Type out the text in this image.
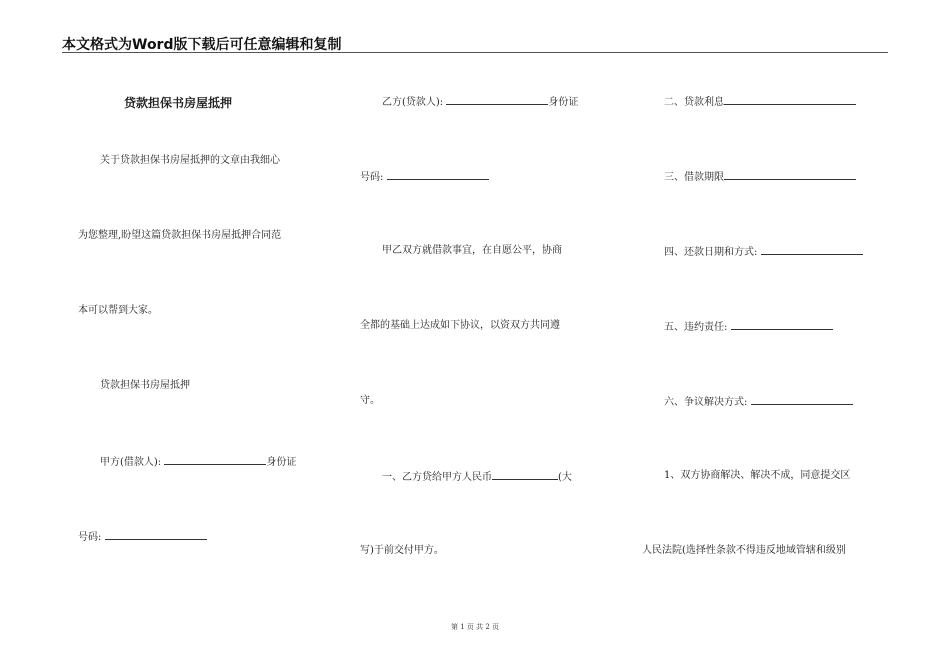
本文格式为Word版下载后可任意编辑和复制
贷款担保书房屋抵押
关于贷款担保书房屋抵押的文章由我细心
为您整理,盼望这篇贷款担保书房屋抵押合同范
本可以帮到大家。
贷款担保书房屋抵押
甲方(借款人):	身份证
号码:
乙方(贷款人):	身份证
号码:
甲乙双方就借款事宜，在自愿公平，协商
全都的基础上达成如下协议，以资双方共同遵
守。
一、乙方贷给甲方人民币	(大
写)于前交付甲方。
二、贷款利息
三、借款期限
四、还款日期和方式:
五、违约责任:
六、争议解决方式:
1、双方协商解决、解决不成，同意提交区
人民法院(选择性条款不得违反地域管辖和级别
第 1 页 共 2 页
